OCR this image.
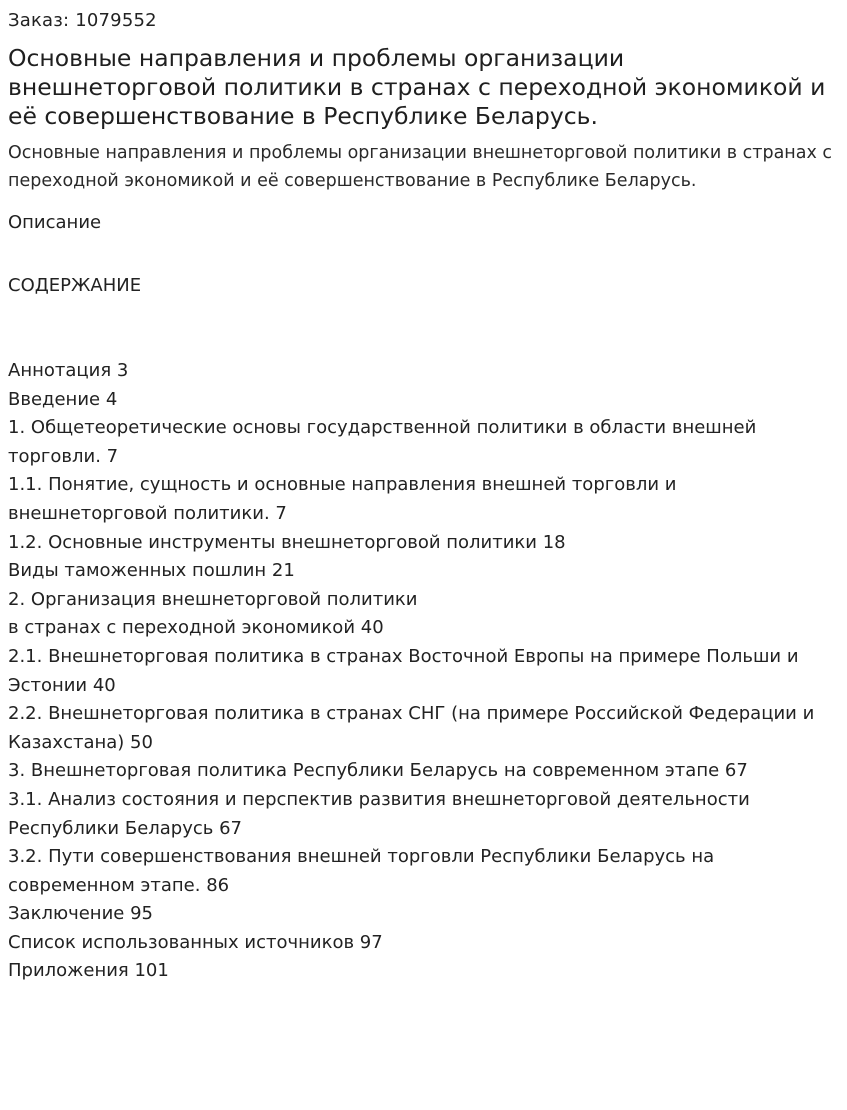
Заказ: 1079552

Основные направления и проблемы организации внешнеторговой политики в странах с переходной экономикой и её совершенствование в Республике Беларусь.

Основные направления и проблемы организации внешнеторговой политики в странах с переходной экономикой и её совершенствование в Республике Беларусь.

Описание

СОДЕРЖАНИЕ

Аннотация 3
Введение 4
1. Общетеоретические основы государственной политики в области внешней торговли. 7
1.1. Понятие, сущность и основные направления внешней торговли и внешнеторговой политики. 7
1.2. Основные инструменты внешнеторговой политики 18
Виды таможенных пошлин 21
2. Организация внешнеторговой политики
в странах с переходной экономикой 40
2.1. Внешнеторговая политика в странах Восточной Европы на примере Польши и Эстонии 40
2.2. Внешнеторговая политика в странах СНГ (на примере Российской Федерации и Казахстана) 50
3. Внешнеторговая политика Республики Беларусь на современном этапе 67
3.1. Анализ состояния и перспектив развития внешнеторговой деятельности Республики Беларусь 67
3.2. Пути совершенствования внешней торговли Республики Беларусь на современном этапе. 86
Заключение 95
Список использованных источников 97
Приложения 101
